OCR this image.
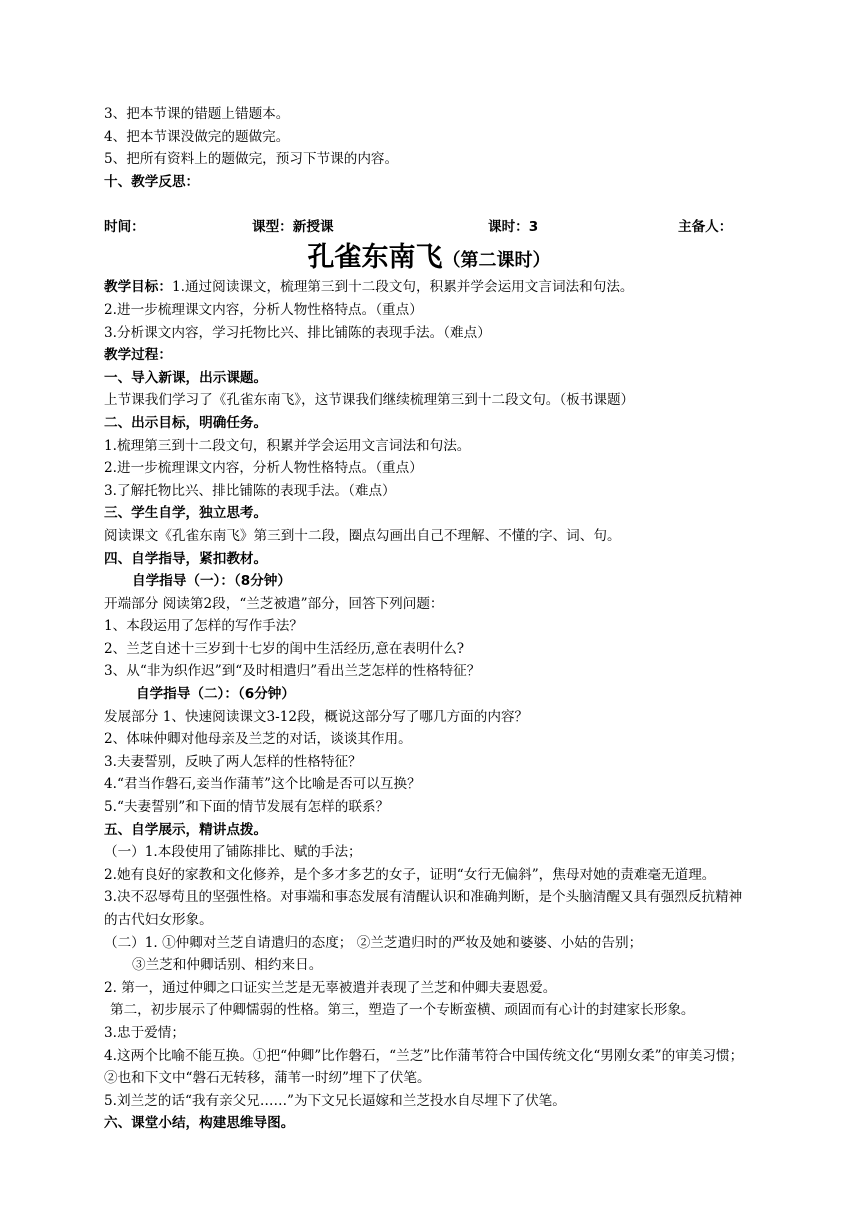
3、把本节课的错题上错题本。
4、把本节课没做完的题做完。
5、把所有资料上的题做完，预习下节课的内容。
十、教学反思：
时间：	课型：新授课	课时：3	主备人：
孔雀东南飞（第二课时）
教学目标：1.通过阅读课文，梳理第三到十二段文句，积累并学会运用文言词法和句法。
2.进一步梳理课文内容，分析人物性格特点。（重点）
3.分析课文内容，学习托物比兴、排比铺陈的表现手法。（难点）
教学过程：
一、导入新课，出示课题。
上节课我们学习了《孔雀东南飞》，这节课我们继续梳理第三到十二段文句。（板书课题）
二、出示目标，明确任务。
1.梳理第三到十二段文句，积累并学会运用文言词法和句法。
2.进一步梳理课文内容，分析人物性格特点。（重点）
3.了解托物比兴、排比铺陈的表现手法。（难点）
三、学生自学，独立思考。
阅读课文《孔雀东南飞》第三到十二段，圈点勾画出自己不理解、不懂的字、词、句。
四、自学指导，紧扣教材。
自学指导（一）：（8分钟）
开端部分 阅读第2段，“兰芝被遣”部分，回答下列问题：
1、本段运用了怎样的写作手法？
2、兰芝自述十三岁到十七岁的闺中生活经历,意在表明什么?
3、从“非为织作迟”到“及时相遣归”看出兰芝怎样的性格特征？
自学指导（二）：（6分钟）
发展部分 1、快速阅读课文3-12段，概说这部分写了哪几方面的内容？
2、体味仲卿对他母亲及兰芝的对话，谈谈其作用。
3.夫妻誓别，反映了两人怎样的性格特征？
4.“君当作磐石,妾当作蒲苇”这个比喻是否可以互换？
5.“夫妻誓别”和下面的情节发展有怎样的联系？
五、自学展示，精讲点拨。
（一）1.本段使用了铺陈排比、赋的手法；
2.她有良好的家教和文化修养，是个多才多艺的女子，证明“女行无偏斜”，焦母对她的责难毫无道理。
3.决不忍辱苟且的坚强性格。对事端和事态发展有清醒认识和准确判断，是个头脑清醒又具有强烈反抗精神的古代妇女形象。
（二）1. ①仲卿对兰芝自请遣归的态度； ②兰芝遣归时的严妆及她和婆婆、小姑的告别；
③兰芝和仲卿话别、相约来日。
2. 第一，通过仲卿之口证实兰芝是无辜被遣并表现了兰芝和仲卿夫妻恩爱。
第二，初步展示了仲卿懦弱的性格。第三，塑造了一个专断蛮横、顽固而有心计的封建家长形象。
3.忠于爱情；
4.这两个比喻不能互换。①把“仲卿”比作磐石，“兰芝”比作蒲苇符合中国传统文化“男刚女柔”的审美习惯；②也和下文中“磐石无转移，蒲苇一时纫”埋下了伏笔。
5.刘兰芝的话“我有亲父兄……”为下文兄长逼嫁和兰芝投水自尽埋下了伏笔。
六、课堂小结，构建思维导图。
